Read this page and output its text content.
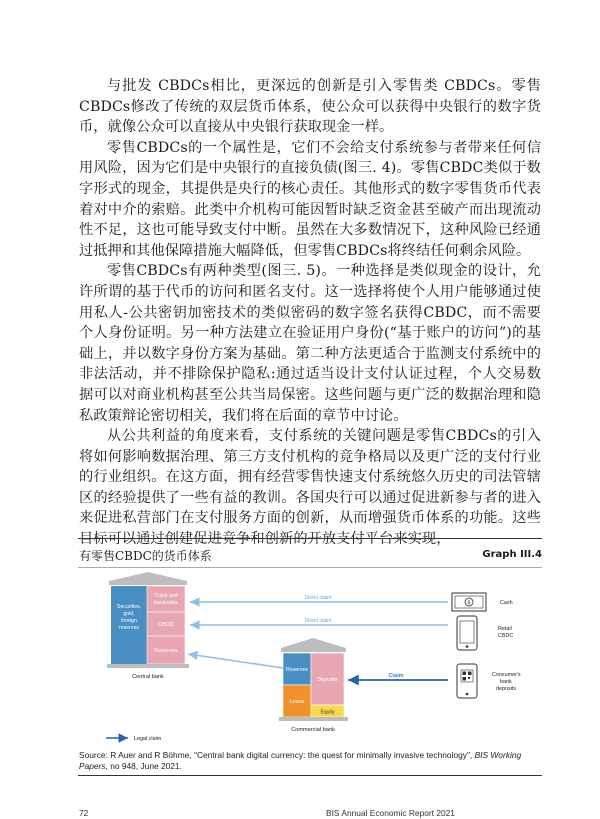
与批发 CBDCs相比，更深远的创新是引入零售类 CBDCs。零售CBDCs修改了传统的双层货币体系，使公众可以获得中央银行的数字货币，就像公众可以直接从中央银行获取现金一样。

零售CBDCs的一个属性是，它们不会给支付系统参与者带来任何信用风险，因为它们是中央银行的直接负债(图三. 4)。零售CBDC类似于数字形式的现金，其提供是央行的核心责任。其他形式的数字零售货币代表着对中介的索赔。此类中介机构可能因暂时缺乏资金甚至破产而出现流动性不足，这也可能导致支付中断。虽然在大多数情况下，这种风险已经通过抵押和其他保障措施大幅降低，但零售CBDCs将终结任何剩余风险。

零售CBDCs有两种类型(图三. 5)。一种选择是类似现金的设计，允许所谓的基于代币的访问和匿名支付。这一选择将使个人用户能够通过使用私人-公共密钥加密技术的类似密码的数字签名获得CBDC，而不需要个人身份证明。另一种方法建立在验证用户身份(“基于账户的访问”)的基础上，并以数字身份方案为基础。第二种方法更适合于监测支付系统中的非法活动，并不排除保护隐私:通过适当设计支付认证过程，个人交易数据可以对商业机构甚至公共当局保密。这些问题与更广泛的数据治理和隐私政策辩论密切相关，我们将在后面的章节中讨论。

从公共利益的角度来看，支付系统的关键问题是零售CBDCs的引入将如何影响数据治理、第三方支付机构的竞争格局以及更广泛的支付行业的行业组织。在这方面，拥有经营零售快速支付系统悠久历史的司法管辖区的经验提供了一些有益的教训。各国央行可以通过促进新参与者的进入来促进私营部门在支付服务方面的创新，从而增强货币体系的功能。这些目标可以通过创建促进竞争和创新的开放支付平台来实现，

有零售CBDC的货币体系	Graph III.4
Securities,
gold,
foreign
reserves
Coins and
banknotes
CBDC
Reserves
Central bank
Reserves
Deposits
Loans
Equity
Commercial bank
Direct claim
Direct claim
Claim
$	Cash
Retail
CBDC
Consumer's
bank
deposits
Legal claim
Source: R Auer and R Böhme, "Central bank digital currency: the quest for minimally invasive technology", BIS Working Papers, no 948, June 2021.
72	BIS Annual Economic Report 2021
